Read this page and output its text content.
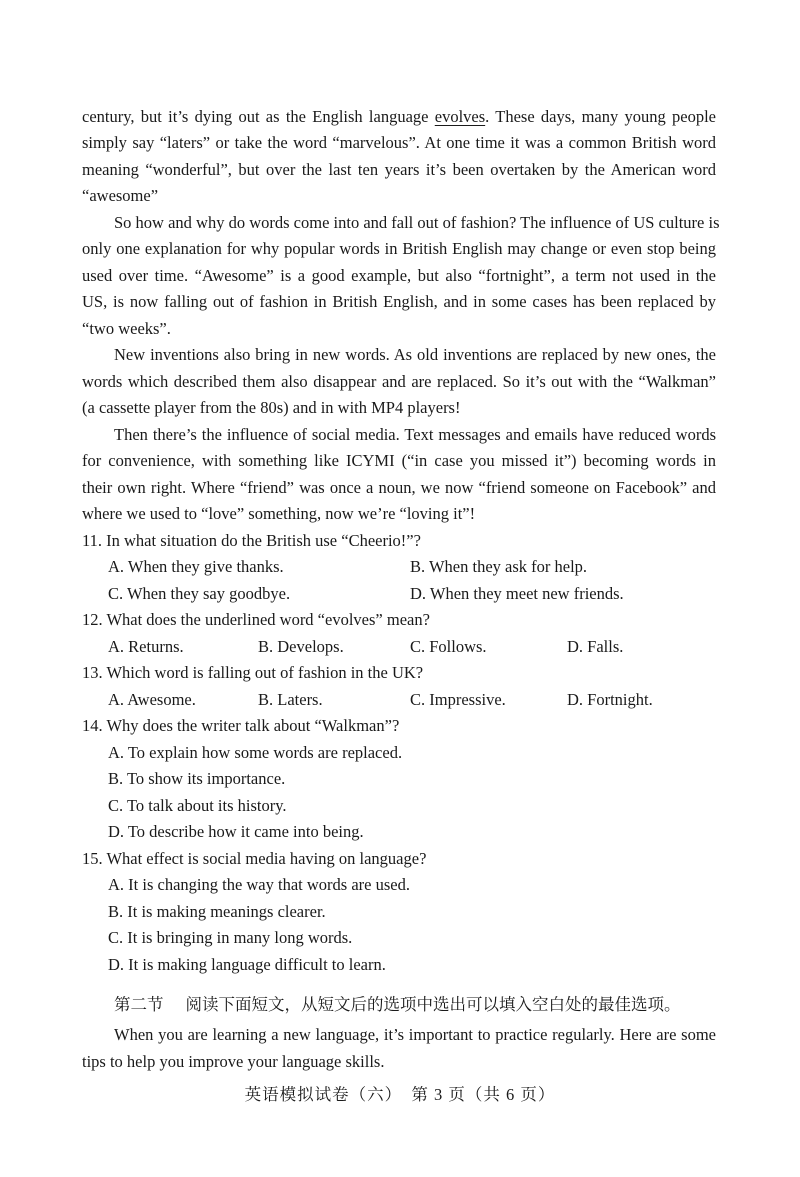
century, but it’s dying out as the English language evolves. These days, many young people
simply say “laters” or take the word “marvelous”. At one time it was a common British word
meaning “wonderful”, but over the last ten years it’s been overtaken by the American word
“awesome”
So how and why do words come into and fall out of fashion? The influence of US culture is
only one explanation for why popular words in British English may change or even stop being
used over time. “Awesome” is a good example, but also “fortnight”, a term not used in the
US, is now falling out of fashion in British English, and in some cases has been replaced by
“two weeks”.
New inventions also bring in new words. As old inventions are replaced by new ones, the
words which described them also disappear and are replaced. So it’s out with the “Walkman”
(a cassette player from the 80s) and in with MP4 players!
Then there’s the influence of social media. Text messages and emails have reduced words
for convenience, with something like ICYMI (“in case you missed it”) becoming words in
their own right. Where “friend” was once a noun, we now “friend someone on Facebook” and
where we used to “love” something, now we’re “loving it”!
11. In what situation do the British use “Cheerio!”?
A. When they give thanks.	B. When they ask for help.
C. When they say goodbye.	D. When they meet new friends.
12. What does the underlined word “evolves” mean?
A. Returns.	B. Develops.	C. Follows.	D. Falls.
13. Which word is falling out of fashion in the UK?
A. Awesome.	B. Laters.	C. Impressive.	D. Fortnight.
14. Why does the writer talk about “Walkman”?
A. To explain how some words are replaced.
B. To show its importance.
C. To talk about its history.
D. To describe how it came into being.
15. What effect is social media having on language?
A. It is changing the way that words are used.
B. It is making meanings clearer.
C. It is bringing in many long words.
D. It is making language difficult to learn.
第二节 阅读下面短文，从短文后的选项中选出可以填入空白处的最佳选项。
When you are learning a new language, it’s important to practice regularly. Here are some
tips to help you improve your language skills.
英语模拟试卷（六）　第 3 页（共 6 页）
